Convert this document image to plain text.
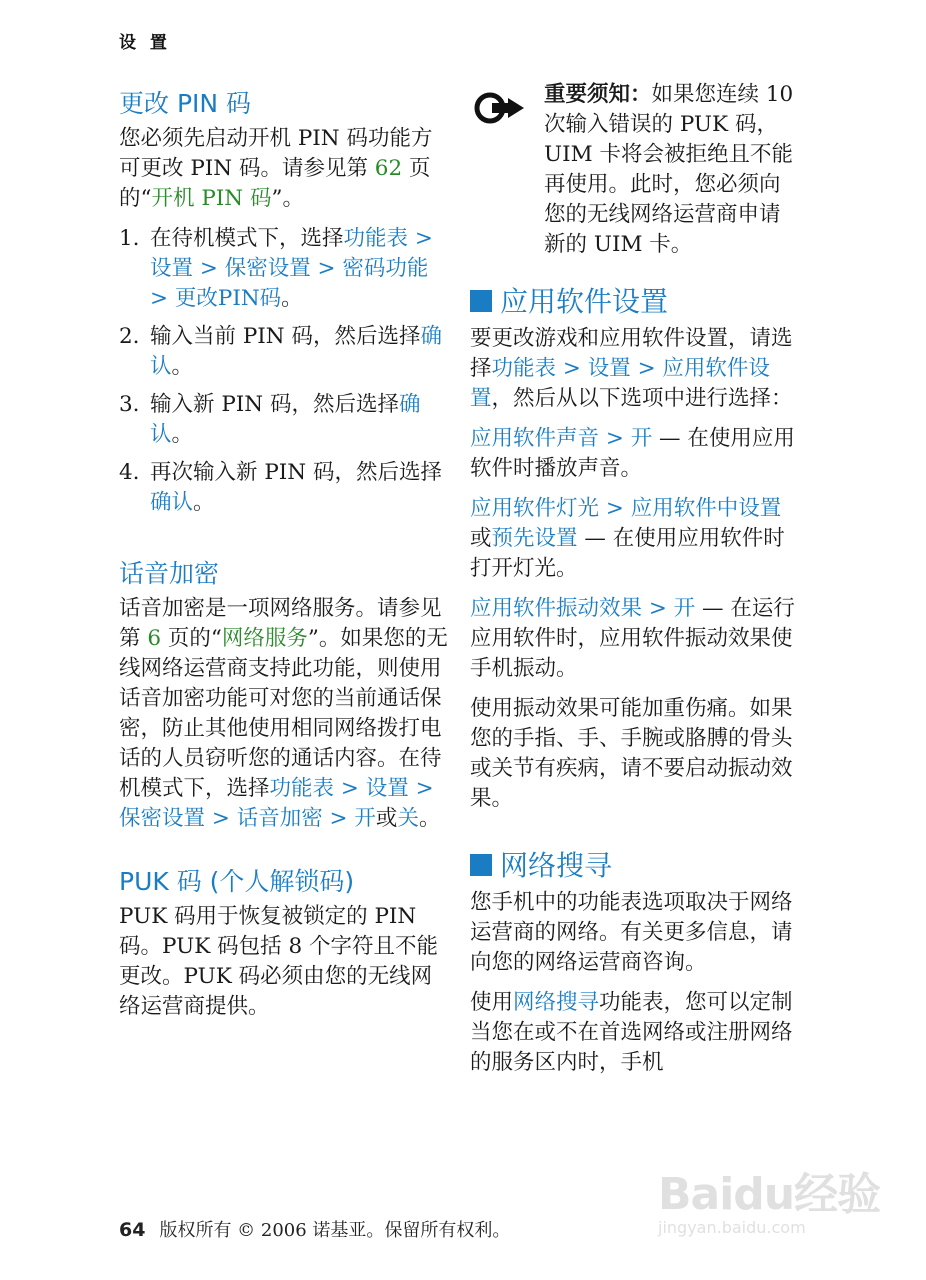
设 置
更改 PIN 码

您必须先启动开机 PIN 码功能方可更改 PIN 码。请参见第 62 页的“开机 PIN 码”。

1. 在待机模式下，选择功能表 > 设置 > 保密设置 > 密码功能 > 更改PIN码。
2. 输入当前 PIN 码，然后选择确认。
3. 输入新 PIN 码，然后选择确认。
4. 再次输入新 PIN 码，然后选择确认。
话音加密

话音加密是一项网络服务。请参见第 6 页的“网络服务”。如果您的无线网络运营商支持此功能，则使用话音加密功能可对您的当前通话保密，防止其他使用相同网络拨打电话的人员窃听您的通话内容。在待机模式下，选择功能表 > 设置 > 保密设置 > 话音加密 > 开或关。

PUK 码 (个人解锁码)

PUK 码用于恢复被锁定的 PIN 码。PUK 码包括 8 个字符且不能更改。PUK 码必须由您的无线网络运营商提供。

重要须知：如果您连续 10 次输入错误的 PUK 码，UIM 卡将会被拒绝且不能再使用。此时，您必须向您的无线网络运营商申请新的 UIM 卡。

应用软件设置

要更改游戏和应用软件设置，请选择功能表 > 设置 > 应用软件设置，然后从以下选项中进行选择：

应用软件声音 > 开 — 在使用应用软件时播放声音。

应用软件灯光 > 应用软件中设置或预先设置 — 在使用应用软件时打开灯光。

应用软件振动效果 > 开 — 在运行应用软件时，应用软件振动效果使手机振动。

使用振动效果可能加重伤痛。如果您的手指、手、手腕或胳膊的骨头或关节有疾病，请不要启动振动效果。

网络搜寻

您手机中的功能表选项取决于网络运营商的网络。有关更多信息，请向您的网络运营商咨询。

使用网络搜寻功能表，您可以定制当您在或不在首选网络或注册网络的服务区内时，手机

Baidu经验
jingyan.baidu.com
64 版权所有 © 2006 诺基亚。保留所有权利。
